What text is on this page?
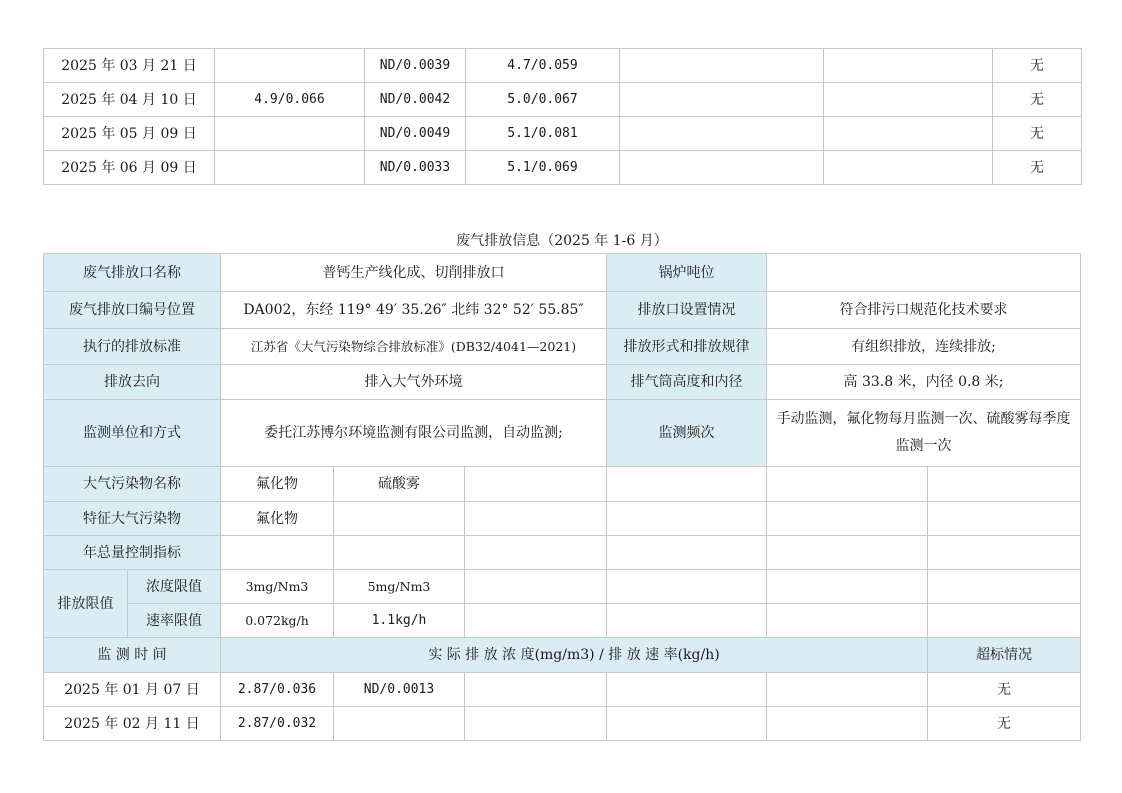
2025 年 03 月 21 日		ND/0.0039	4.7/0.059			无
2025 年 04 月 10 日	4.9/0.066	ND/0.0042	5.0/0.067			无
2025 年 05 月 09 日		ND/0.0049	5.1/0.081			无
2025 年 06 月 09 日		ND/0.0033	5.1/0.069			无
废气排放信息（2025 年 1-6 月）
废气排放口名称		普钙生产线化成、切削排放口			锅炉吨位		
废气排放口编号位置		DA002，东经 119° 49′ 35.26″ 北纬 32° 52′ 55.85″			排放口设置情况	符合排污口规范化技术要求	
执行的排放标准		江苏省《大气污染物综合排放标准》(DB32/4041—2021)			排放形式和排放规律	有组织排放，连续排放;	
排放去向		排入大气外环境			排气筒高度和内径	高 33.8 米，内径 0.8 米;	
监测单位和方式		委托江苏博尔环境监测有限公司监测，自动监测;			监测频次	手动监测，氟化物每月监测一次、硫酸雾每季度监测一次	
大气污染物名称		氟化物	硫酸雾				
特征大气污染物		氟化物					
年总量控制指标							
排放限值	浓度限值	3mg/Nm3	5mg/Nm3				
	速率限值	0.072kg/h	1.1kg/h				
监 测 时 间		实 际 排 放 浓 度(mg/m3) / 排 放 速 率(kg/h)					超标情况
2025 年 01 月 07 日		2.87/0.036	ND/0.0013				无
2025 年 02 月 11 日		2.87/0.032					无
